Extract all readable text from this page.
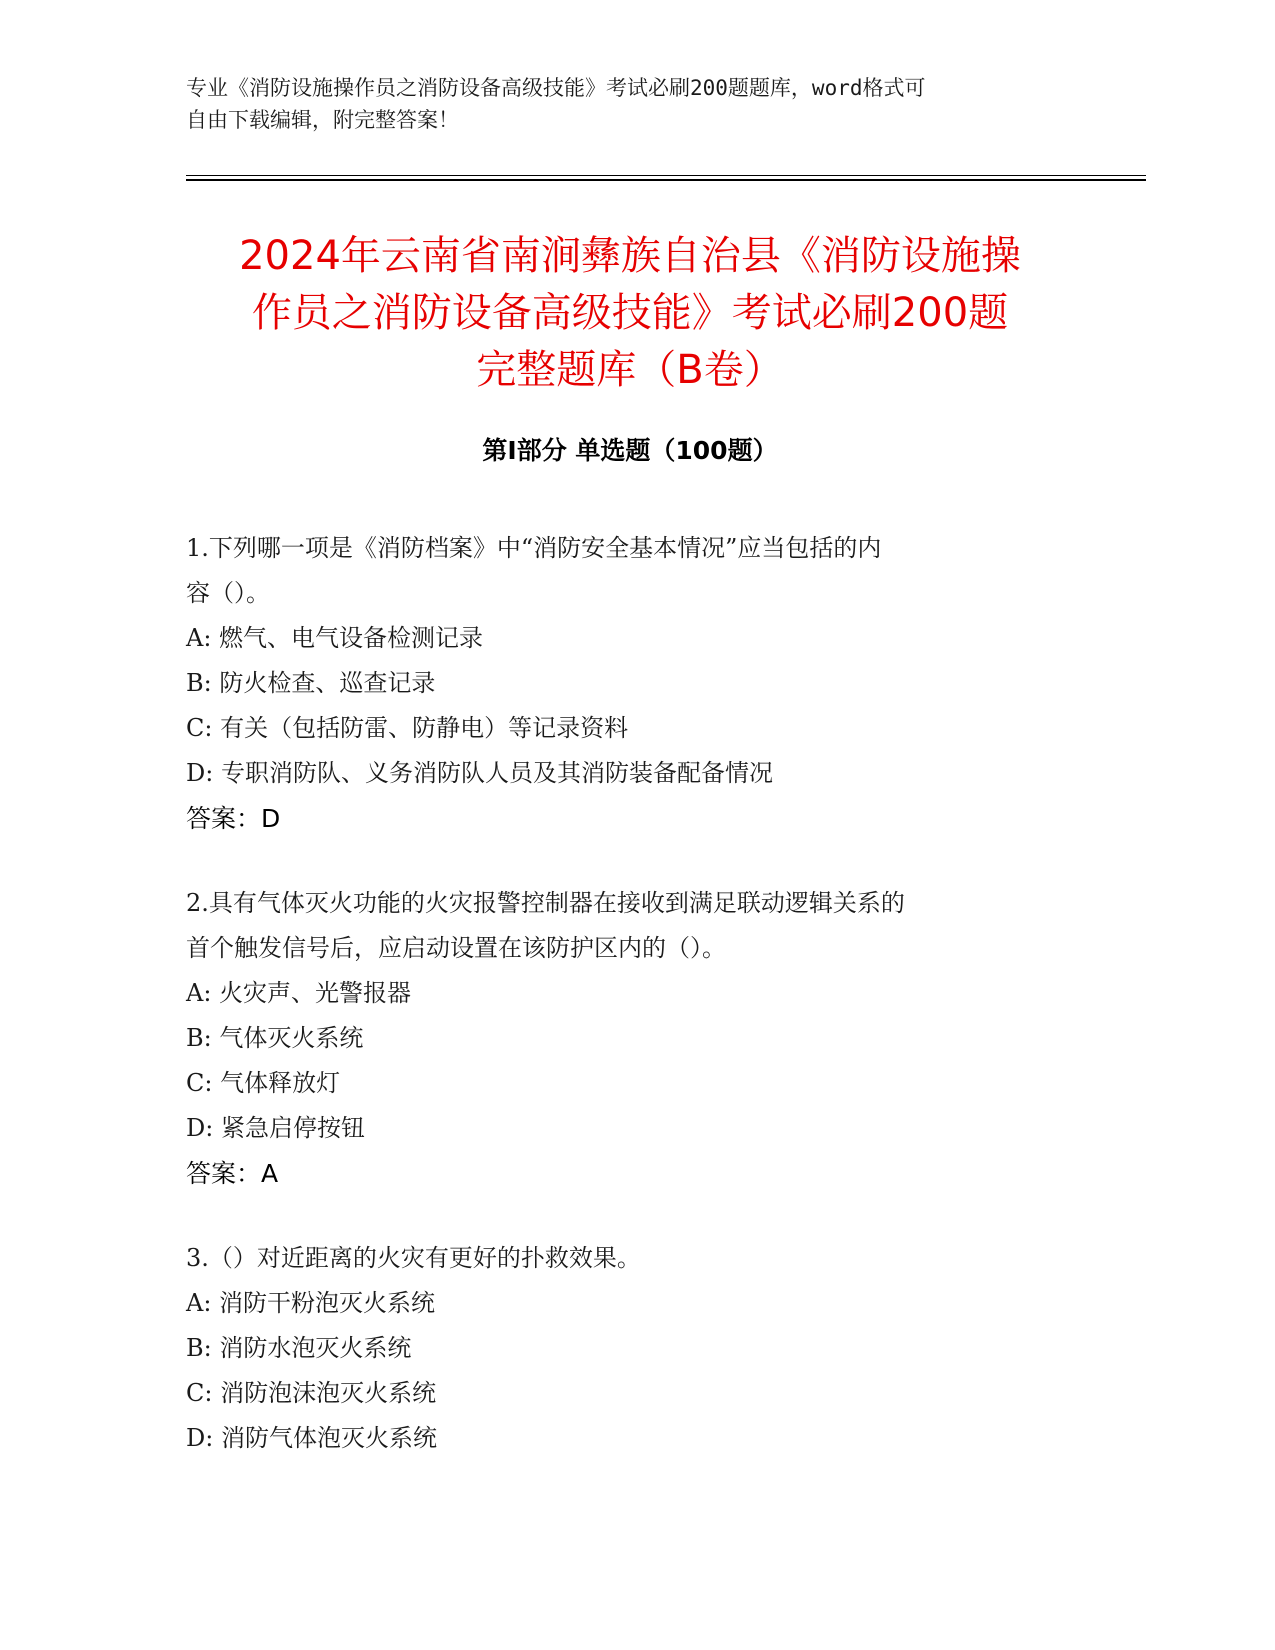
专业《消防设施操作员之消防设备高级技能》考试必刷200题题库，word格式可
自由下载编辑，附完整答案！
2024年云南省南涧彝族自治县《消防设施操
作员之消防设备高级技能》考试必刷200题
完整题库（B卷）
第Ⅰ部分 单选题（100题）
1.下列哪一项是《消防档案》中“消防安全基本情况”应当包括的内
容（）。
A: 燃气、电气设备检测记录
B: 防火检查、巡查记录
C: 有关（包括防雷、防静电）等记录资料
D: 专职消防队、义务消防队人员及其消防装备配备情况
答案：D
2.具有气体灭火功能的火灾报警控制器在接收到满足联动逻辑关系的
首个触发信号后，应启动设置在该防护区内的（）。
A: 火灾声、光警报器
B: 气体灭火系统
C: 气体释放灯
D: 紧急启停按钮
答案：A
3.（）对近距离的火灾有更好的扑救效果。
A: 消防干粉泡灭火系统
B: 消防水泡灭火系统
C: 消防泡沫泡灭火系统
D: 消防气体泡灭火系统
